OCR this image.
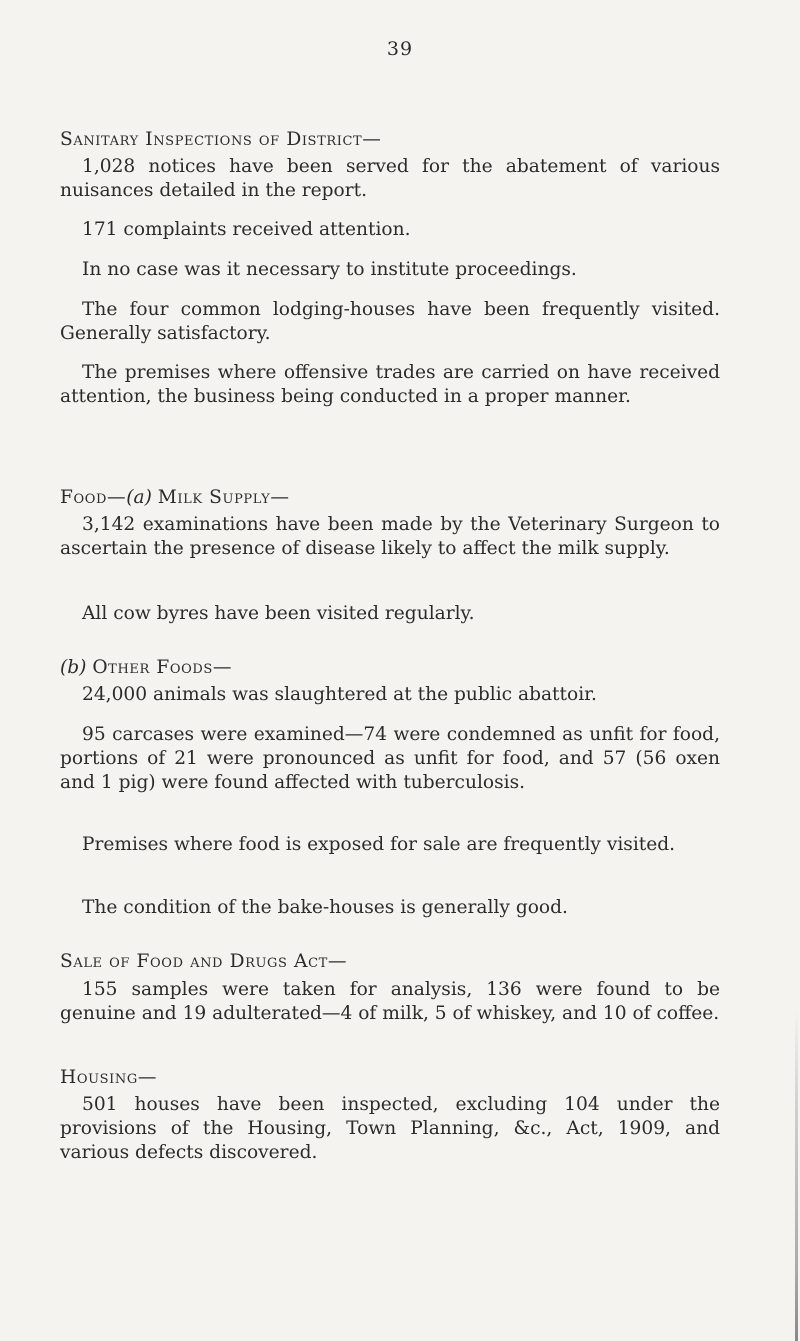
39
Sanitary Inspections of District—
1,028 notices have been served for the abatement of various nuisances detailed in the report.
171 complaints received attention.
In no case was it necessary to institute proceedings.
The four common lodging-houses have been frequently visited. Generally satisfactory.
The premises where offensive trades are carried on have received attention, the business being conducted in a proper manner.
Food—(a) Milk Supply—
3,142 examinations have been made by the Veterinary Surgeon to ascertain the presence of disease likely to affect the milk supply.
All cow byres have been visited regularly.
(b) Other Foods—
24,000 animals was slaughtered at the public abattoir.
95 carcases were examined—74 were condemned as unfit for food, portions of 21 were pronounced as unfit for food, and 57 (56 oxen and 1 pig) were found affected with tuberculosis.
Premises where food is exposed for sale are frequently visited.
The condition of the bake-houses is generally good.
Sale of Food and Drugs Act—
155 samples were taken for analysis, 136 were found to be genuine and 19 adulterated—4 of milk, 5 of whiskey, and 10 of coffee.
Housing—
501 houses have been inspected, excluding 104 under the provisions of the Housing, Town Planning, &c., Act, 1909, and various defects discovered.
